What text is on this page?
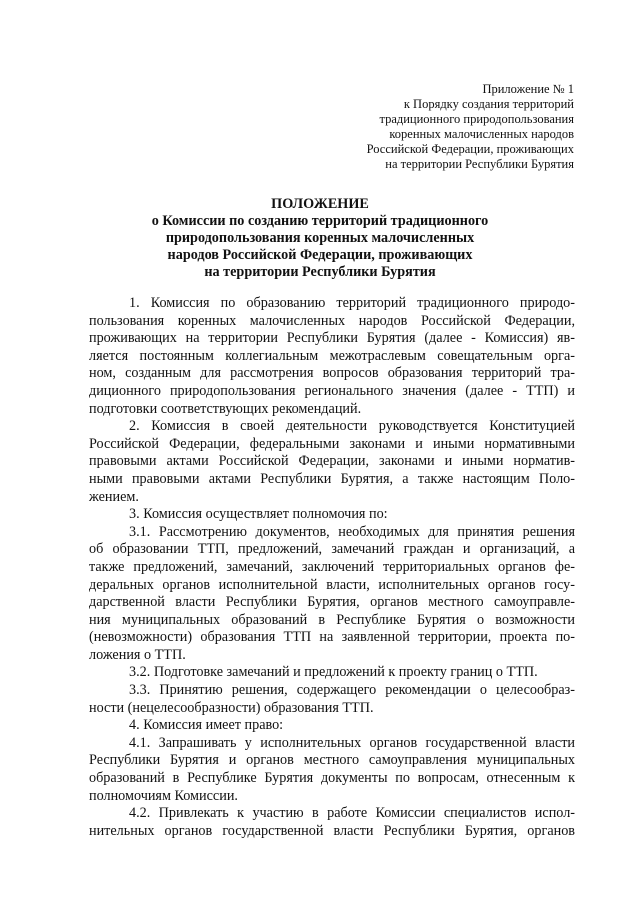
Приложение № 1
к Порядку создания территорий
традиционного природопользования
коренных малочисленных народов
Российской Федерации, проживающих
на территории Республики Бурятия
ПОЛОЖЕНИЕ
о Комиссии по созданию территорий традиционного
природопользования коренных малочисленных
народов Российской Федерации, проживающих
на территории Республики Бурятия
1. Комиссия по образованию территорий традиционного природо-
пользования коренных малочисленных народов Российской Федерации,
проживающих на территории Республики Бурятия (далее - Комиссия) яв-
ляется постоянным коллегиальным межотраслевым совещательным орга-
ном, созданным для рассмотрения вопросов образования территорий тра-
диционного природопользования регионального значения (далее - ТТП) и
подготовки соответствующих рекомендаций.
2. Комиссия в своей деятельности руководствуется Конституцией
Российской Федерации, федеральными законами и иными нормативными
правовыми актами Российской Федерации, законами и иными норматив-
ными правовыми актами Республики Бурятия, а также настоящим Поло-
жением.
3. Комиссия осуществляет полномочия по:
3.1. Рассмотрению документов, необходимых для принятия решения
об образовании ТТП, предложений, замечаний граждан и организаций, а
также предложений, замечаний, заключений территориальных органов фе-
деральных органов исполнительной власти, исполнительных органов госу-
дарственной власти Республики Бурятия, органов местного самоуправле-
ния муниципальных образований в Республике Бурятия о возможности
(невозможности) образования ТТП на заявленной территории, проекта по-
ложения о ТТП.
3.2. Подготовке замечаний и предложений к проекту границ о ТТП.
3.3. Принятию решения, содержащего рекомендации о целесообраз-
ности (нецелесообразности) образования ТТП.
4. Комиссия имеет право:
4.1. Запрашивать у исполнительных органов государственной власти
Республики Бурятия и органов местного самоуправления муниципальных
образований в Республике Бурятия документы по вопросам, отнесенным к
полномочиям Комиссии.
4.2. Привлекать к участию в работе Комиссии специалистов испол-
нительных органов государственной власти Республики Бурятия, органов
